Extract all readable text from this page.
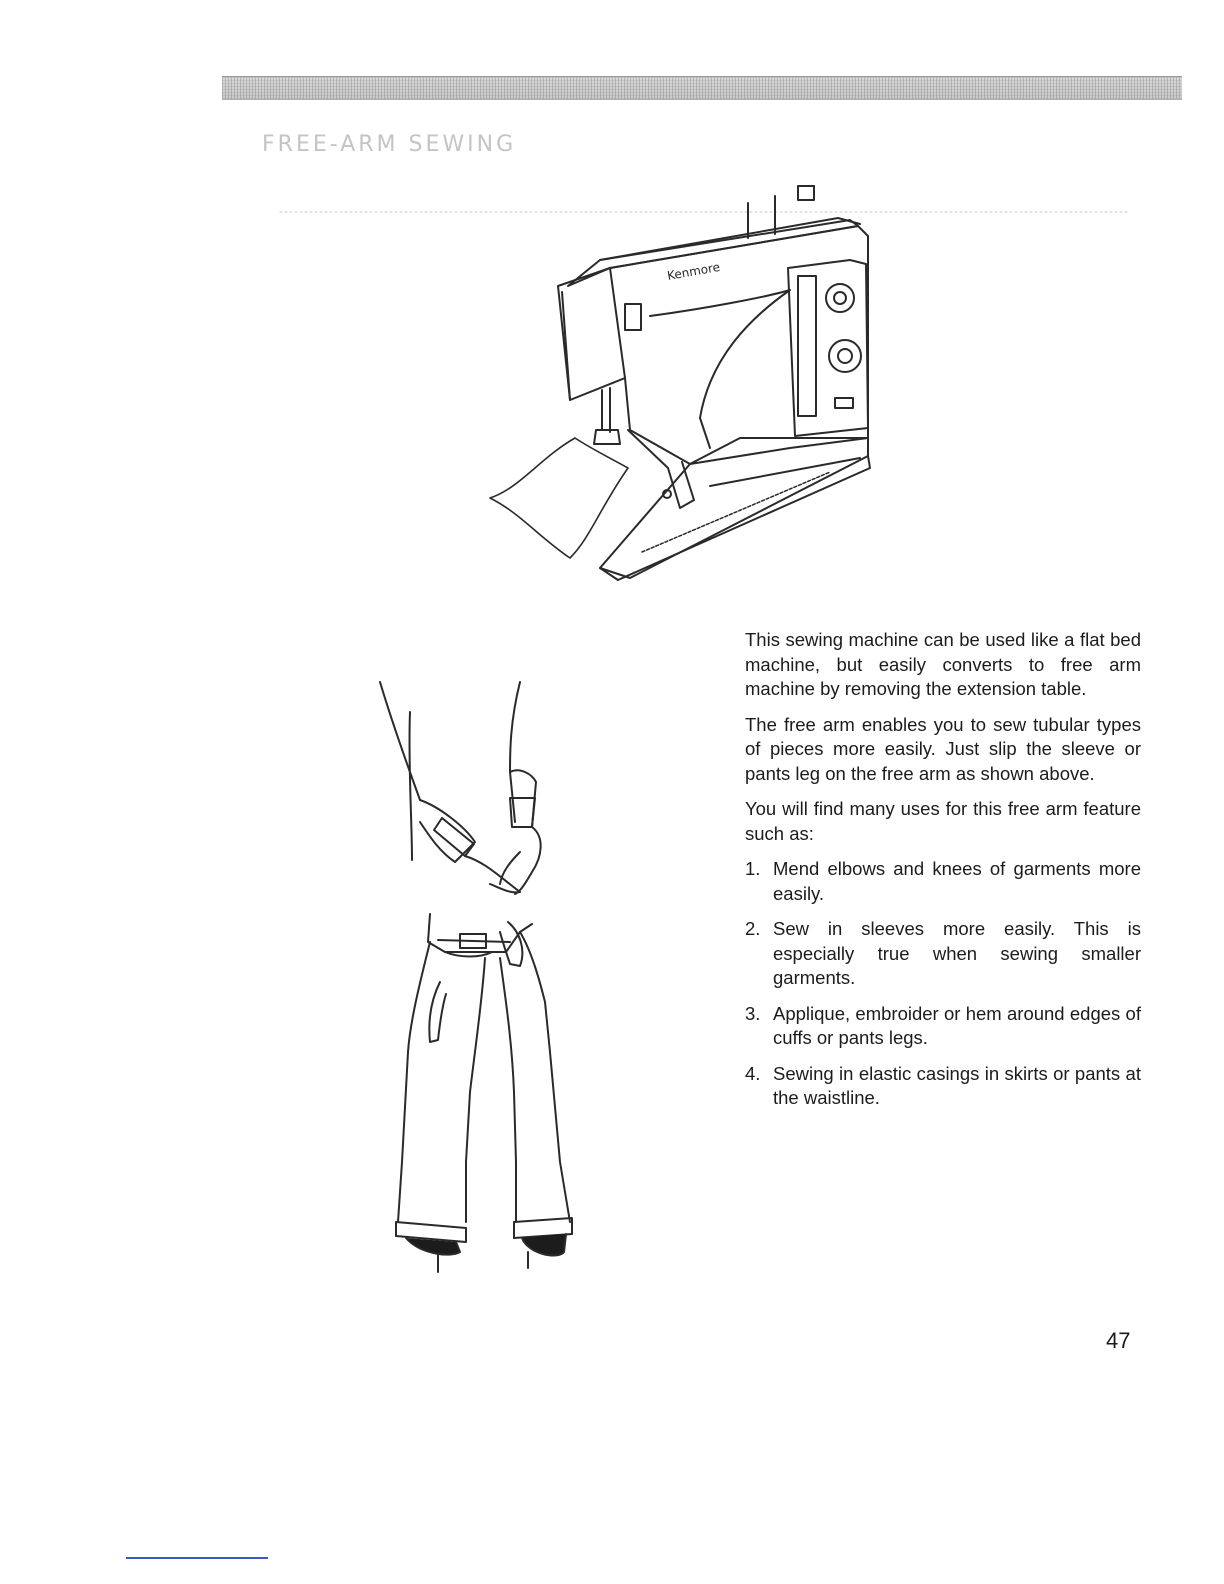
FREE-ARM SEWING
Kenmore

This sewing machine can be used like a flat bed machine, but easily converts to free arm machine by removing the extension table.

The free arm enables you to sew tubular types of pieces more easily. Just slip the sleeve or pants leg on the free arm as shown above.

You will find many uses for this free arm feature such as:

1. Mend elbows and knees of garments more easily.
2. Sew in sleeves more easily. This is especially true when sewing smaller garments.
3. Applique, embroider or hem around edges of cuffs or pants legs.
4. Sewing in elastic casings in skirts or pants at the waistline.
47
